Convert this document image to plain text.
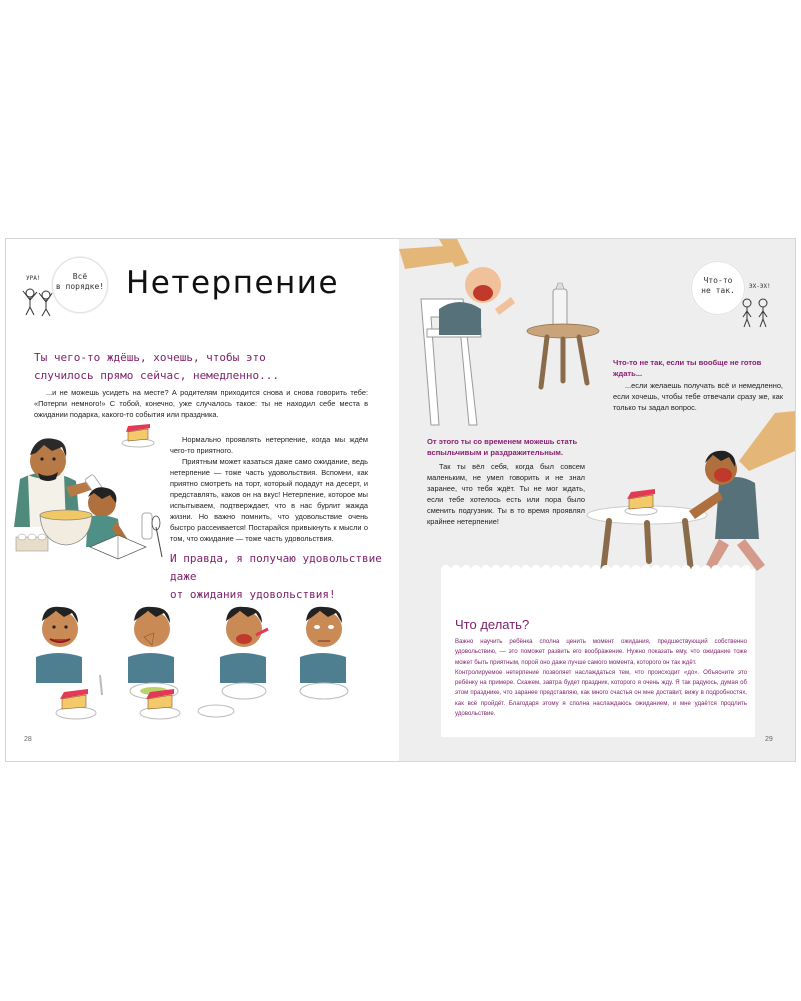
УРА!	Всё
в порядке! Нетерпение
Ты чего-то ждёшь, хочешь, чтобы это
случилось прямо сейчас, немедленно...
...и не можешь усидеть на месте? А родителям приходится снова и снова говорить тебе: «Потерпи немного!» С тобой, конечно, уже случалось такое: ты не находил себе места в ожидании подарка, какого-то события или праздника.
Нормально проявлять нетерпение, когда мы ждём чего-то приятного.
Приятным может казаться даже само ожидание, ведь нетерпение — тоже часть удовольствия. Вспомни, как приятно смотреть на торт, который подадут на десерт, и представлять, каков он на вкус! Нетерпение, которое мы испытываем, подтверждает, что в нас бурлит жажда жизни. Но важно помнить, что удовольствие очень быстро рассеивается! Постарайся привыкнуть к мысли о том, что ожидание — тоже часть удовольствия.
И правда, я получаю удовольствие даже
от ожидания удовольствия!
28
Что-то
не так.	ЭХ-ЭХ!
Что-то не так, если ты вообще не готов ждать...
...если желаешь получать всё и немедленно, если хочешь, чтобы тебе отвечали сразу же, как только ты задал вопрос.
От этого ты со временем можешь стать вспыльчивым и раздражительным.
Так ты вёл себя, когда был совсем маленьким, не умел говорить и не знал заранее, что тебя ждёт. Ты не мог ждать, если тебе хотелось есть или пора было сменить подгузник. Ты в то время проявлял крайнее нетерпение!
Что делать?
Важно научить ребёнка сполна ценить момент ожидания, предшествующий собственно удовольствию, — это поможет развить его воображение. Нужно показать ему, что ожидание тоже может быть приятным, порой оно даже лучше самого момента, которого он так ждёт.
Контролируемое нетерпение позволяет наслаждаться тем, что происходит «до». Объясните это ребёнку на примере. Скажем, завтра будет праздник, которого я очень жду. Я так радуюсь, думая об этом празднике, что заранее представляю, как много счастья он мне доставит, вижу в подробностях, как всё пройдёт. Благодаря этому я сполна наслаждаюсь ожиданием, и мне удаётся продлить удовольствие.
29
